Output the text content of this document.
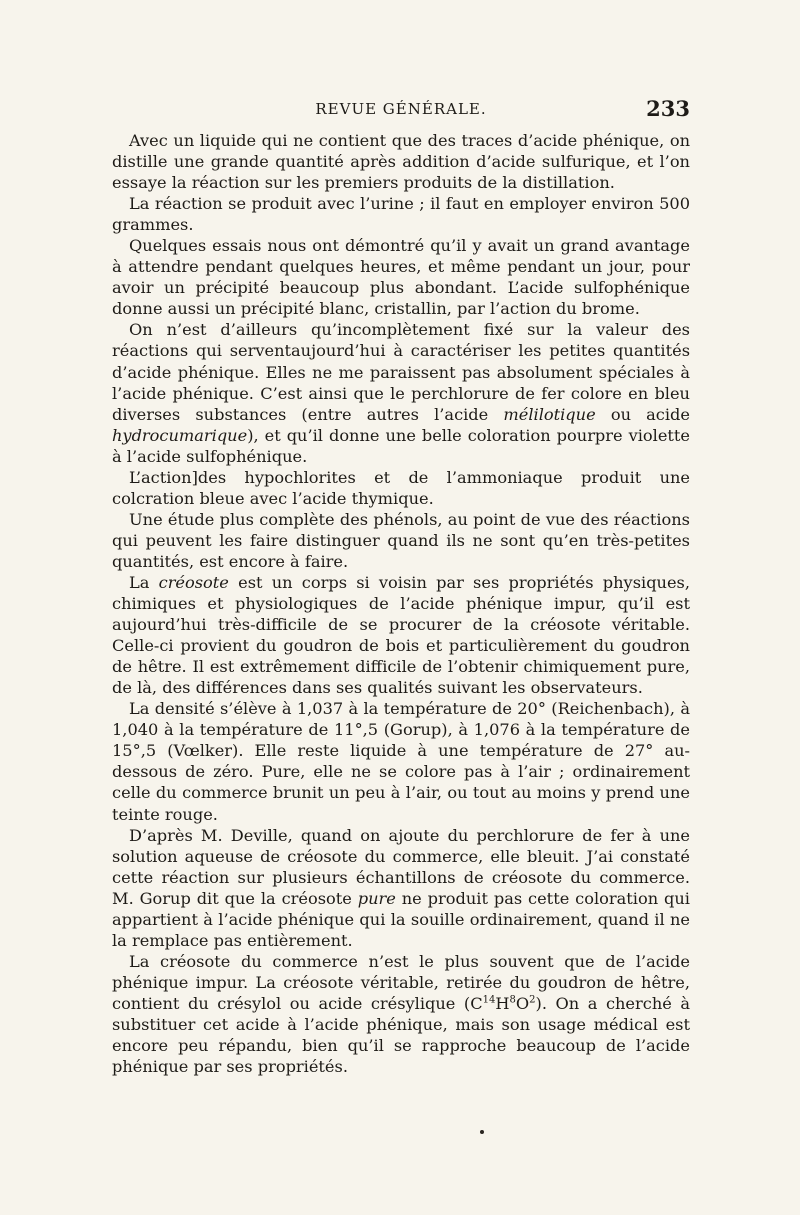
REVUE GÉNÉRALE.	233

Avec un liquide qui ne contient que des traces d’acide phénique, on distille une grande quantité après addition d’acide sulfurique, et l’on essaye la réaction sur les premiers produits de la distillation.

La réaction se produit avec l’urine ; il faut en employer environ 500 grammes.

Quelques essais nous ont démontré qu’il y avait un grand avantage à attendre pendant quelques heures, et même pendant un jour, pour avoir un précipité beaucoup plus abondant. L’acide sulfophénique donne aussi un précipité blanc, cristallin, par l’action du brome.

On n’est d’ailleurs qu’incomplètement fixé sur la valeur des réactions qui serventaujourd’hui à caractériser les petites quantités d’acide phénique. Elles ne me paraissent pas absolument spéciales à l’acide phénique. C’est ainsi que le perchlorure de fer colore en bleu diverses substances (entre autres l’acide mélilotique ou acide hydrocumarique), et qu’il donne une belle coloration pourpre violette à l’acide sulfophénique.

L’action]des hypochlorites et de l’ammoniaque produit une colcration bleue avec l’acide thymique.

Une étude plus complète des phénols, au point de vue des réactions qui peuvent les faire distinguer quand ils ne sont qu’en très-petites quantités, est encore à faire.

La créosote est un corps si voisin par ses propriétés physiques, chimiques et physiologiques de l’acide phénique impur, qu’il est aujourd’hui très-difficile de se procurer de la créosote véritable. Celle-ci provient du goudron de bois et particulièrement du goudron de hêtre. Il est extrêmement difficile de l’obtenir chimiquement pure, de là, des différences dans ses qualités suivant les observateurs.

La densité s’élève à 1,037 à la température de 20° (Reichenbach), à 1,040 à la température de 11°,5 (Gorup), à 1,076 à la température de 15°,5 (Vœlker). Elle reste liquide à une température de 27° au-dessous de zéro. Pure, elle ne se colore pas à l’air ; ordinairement celle du commerce brunit un peu à l’air, ou tout au moins y prend une teinte rouge.

D’après M. Deville, quand on ajoute du perchlorure de fer à une solution aqueuse de créosote du commerce, elle bleuit. J’ai constaté cette réaction sur plusieurs échantillons de créosote du commerce. M. Gorup dit que la créosote pure ne produit pas cette coloration qui appartient à l’acide phénique qui la souille ordinairement, quand il ne la remplace pas entièrement.

La créosote du commerce n’est le plus souvent que de l’acide phénique impur. La créosote véritable, retirée du goudron de hêtre, contient du crésylol ou acide crésylique $(C^{14}H^8O^2)$. On a cherché à substituer cet acide à l’acide phénique, mais son usage médical est encore peu répandu, bien qu’il se rapproche beaucoup de l’acide phénique par ses propriétés.
